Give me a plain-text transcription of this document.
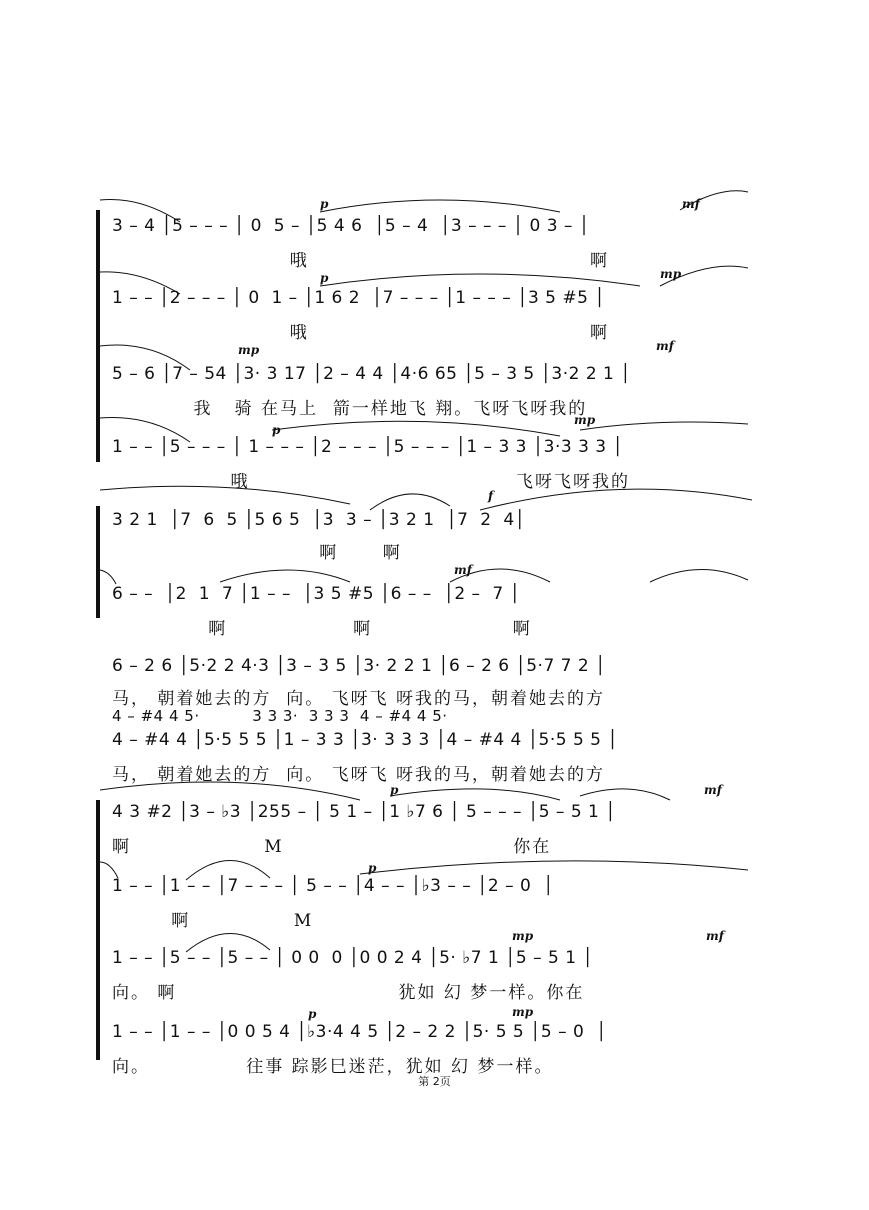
3 – 4 │5 – – – │ 0  5 – │5 4 6  │5 – 4  │3 – – – │ 0 3 – │
哦                                      啊
1 – – │2 – – – │ 0  1 – │1 6 2  │7 – – – │1 – – – │3 5 #5 │
哦                                      啊
5 – 6 │7 – 54 │3· 3 17 │2 – 4 4 │4·6 65 │5 – 3 5 │3·2 2 1 │
我   骑 在马上  箭一样地飞 翔。飞呀飞呀我的
1 – – │5 – – – │ 1 – – – │2 – – – │5 – – – │1 – 3 3 │3·3 3 3 │
哦                                    飞呀飞呀我的
3 2 1  │7  6  5 │5 6 5  │3  3 – │3 2 1  │7  2  4│
啊      啊
6 – –  │2  1  7 │1 – –  │3 5 #5 │6 – –  │2 –  7 │
啊                 啊                   啊
6 – 2 6 │5·2 2 4·3 │3 – 3 5 │3· 2 2 1 │6 – 2 6 │5·7 7 2 │
马， 朝着她去的方  向。 飞呀飞 呀我的马，朝着她去的方
4 – #4 4 5·          3 3 3·  3 3 3  4 – #4 4 5·
4 – #4 4 │5·5 5 5 │1 – 3 3 │3· 3 3 3 │4 – #4 4 │5·5 5 5 │
马， 朝着她去的方  向。 飞呀飞 呀我的马，朝着她去的方
4 3 #2 │3 – ♭3 │255 – │ 5 1 – │1 ♭7 6 │ 5 – – – │5 – 5 1 │
啊                  M                               你在
1 – – │1 – – │7 – – – │ 5 – – │4 – – │♭3 – – │2 – 0  │
啊              M
1 – – │5 – – │5 – – │ 0 0  0 │0 0 2 4 │5· ♭7 1 │5 – 5 1 │
向。 啊                              犹如 幻 梦一样。你在
1 – – │1 – – │0 0 5 4 │♭3·4 4 5 │2 – 2 2 │5· 5 5 │5 – 0  │
向。             往事 踪影巳迷茫，犹如 幻 梦一样。
p	mf
mp
p
mp	mf
p
mp
f
mf
p	mf
p
mp	mf
p	mp
第 2页
